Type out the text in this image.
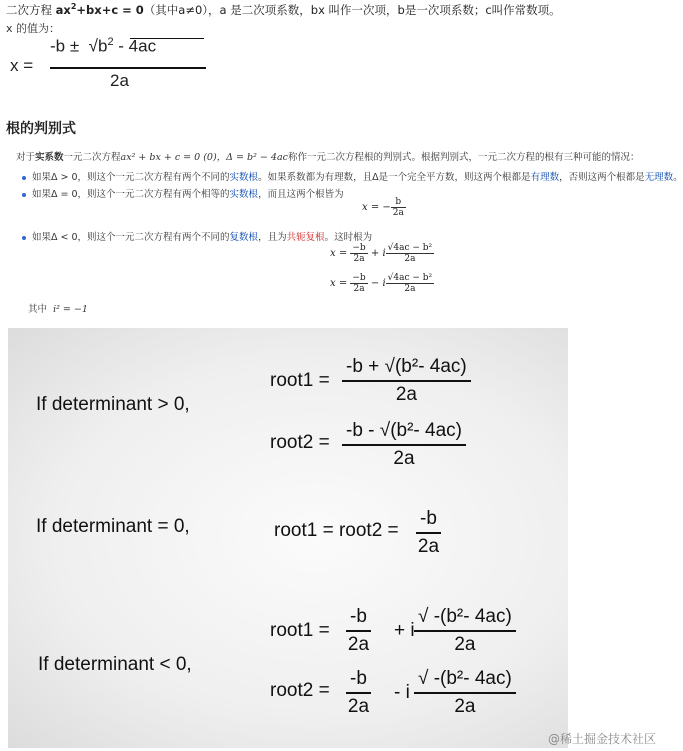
二次方程 $ax^2+bx+c = 0$（其中a≠0），a 是二次项系数，bx 叫作一次项，b是一次项系数；c叫作常数项。
x 的值为：
x =
$-b \pm √b^2 - 4ac$
2a
根的判别式
对于实系数一元二次方程ax² + bx + c = 0 (0)，Δ = b² − 4ac称作一元二次方程根的判别式。根据判别式，一元二次方程的根有三种可能的情况：
如果Δ > 0，则这个一元二次方程有两个不同的实数根。如果系数都为有理数，且Δ是一个完全平方数，则这两个根都是有理数，否则这两个根都是无理数。
如果Δ = 0，则这个一元二次方程有两个相等的实数根，而且这两个根皆为
x = − $\frac{b}{2a}$
如果Δ < 0，则这个一元二次方程有两个不同的复数根，且为共轭复根。这时根为
$x = \frac{-b}{2a} + i \frac{\text{√4ac − b²}}{2a}$
$x = \frac{-b}{2a} - i \frac{\text{√4ac − b²}}{2a}$
其中 i² = −1
If determinant > 0,
If determinant = 0,
If determinant < 0,
root1 =
-b + √(b²- 4ac)
2a
root2 =
-b - √(b²- 4ac)
2a
root1 = root2 =
-b
2a
root1 =
-b
2a
+ i
√ -(b²- 4ac)
2a
root2 =
-b
2a
- i
√ -(b²- 4ac)
2a
@稀土掘金技术社区
